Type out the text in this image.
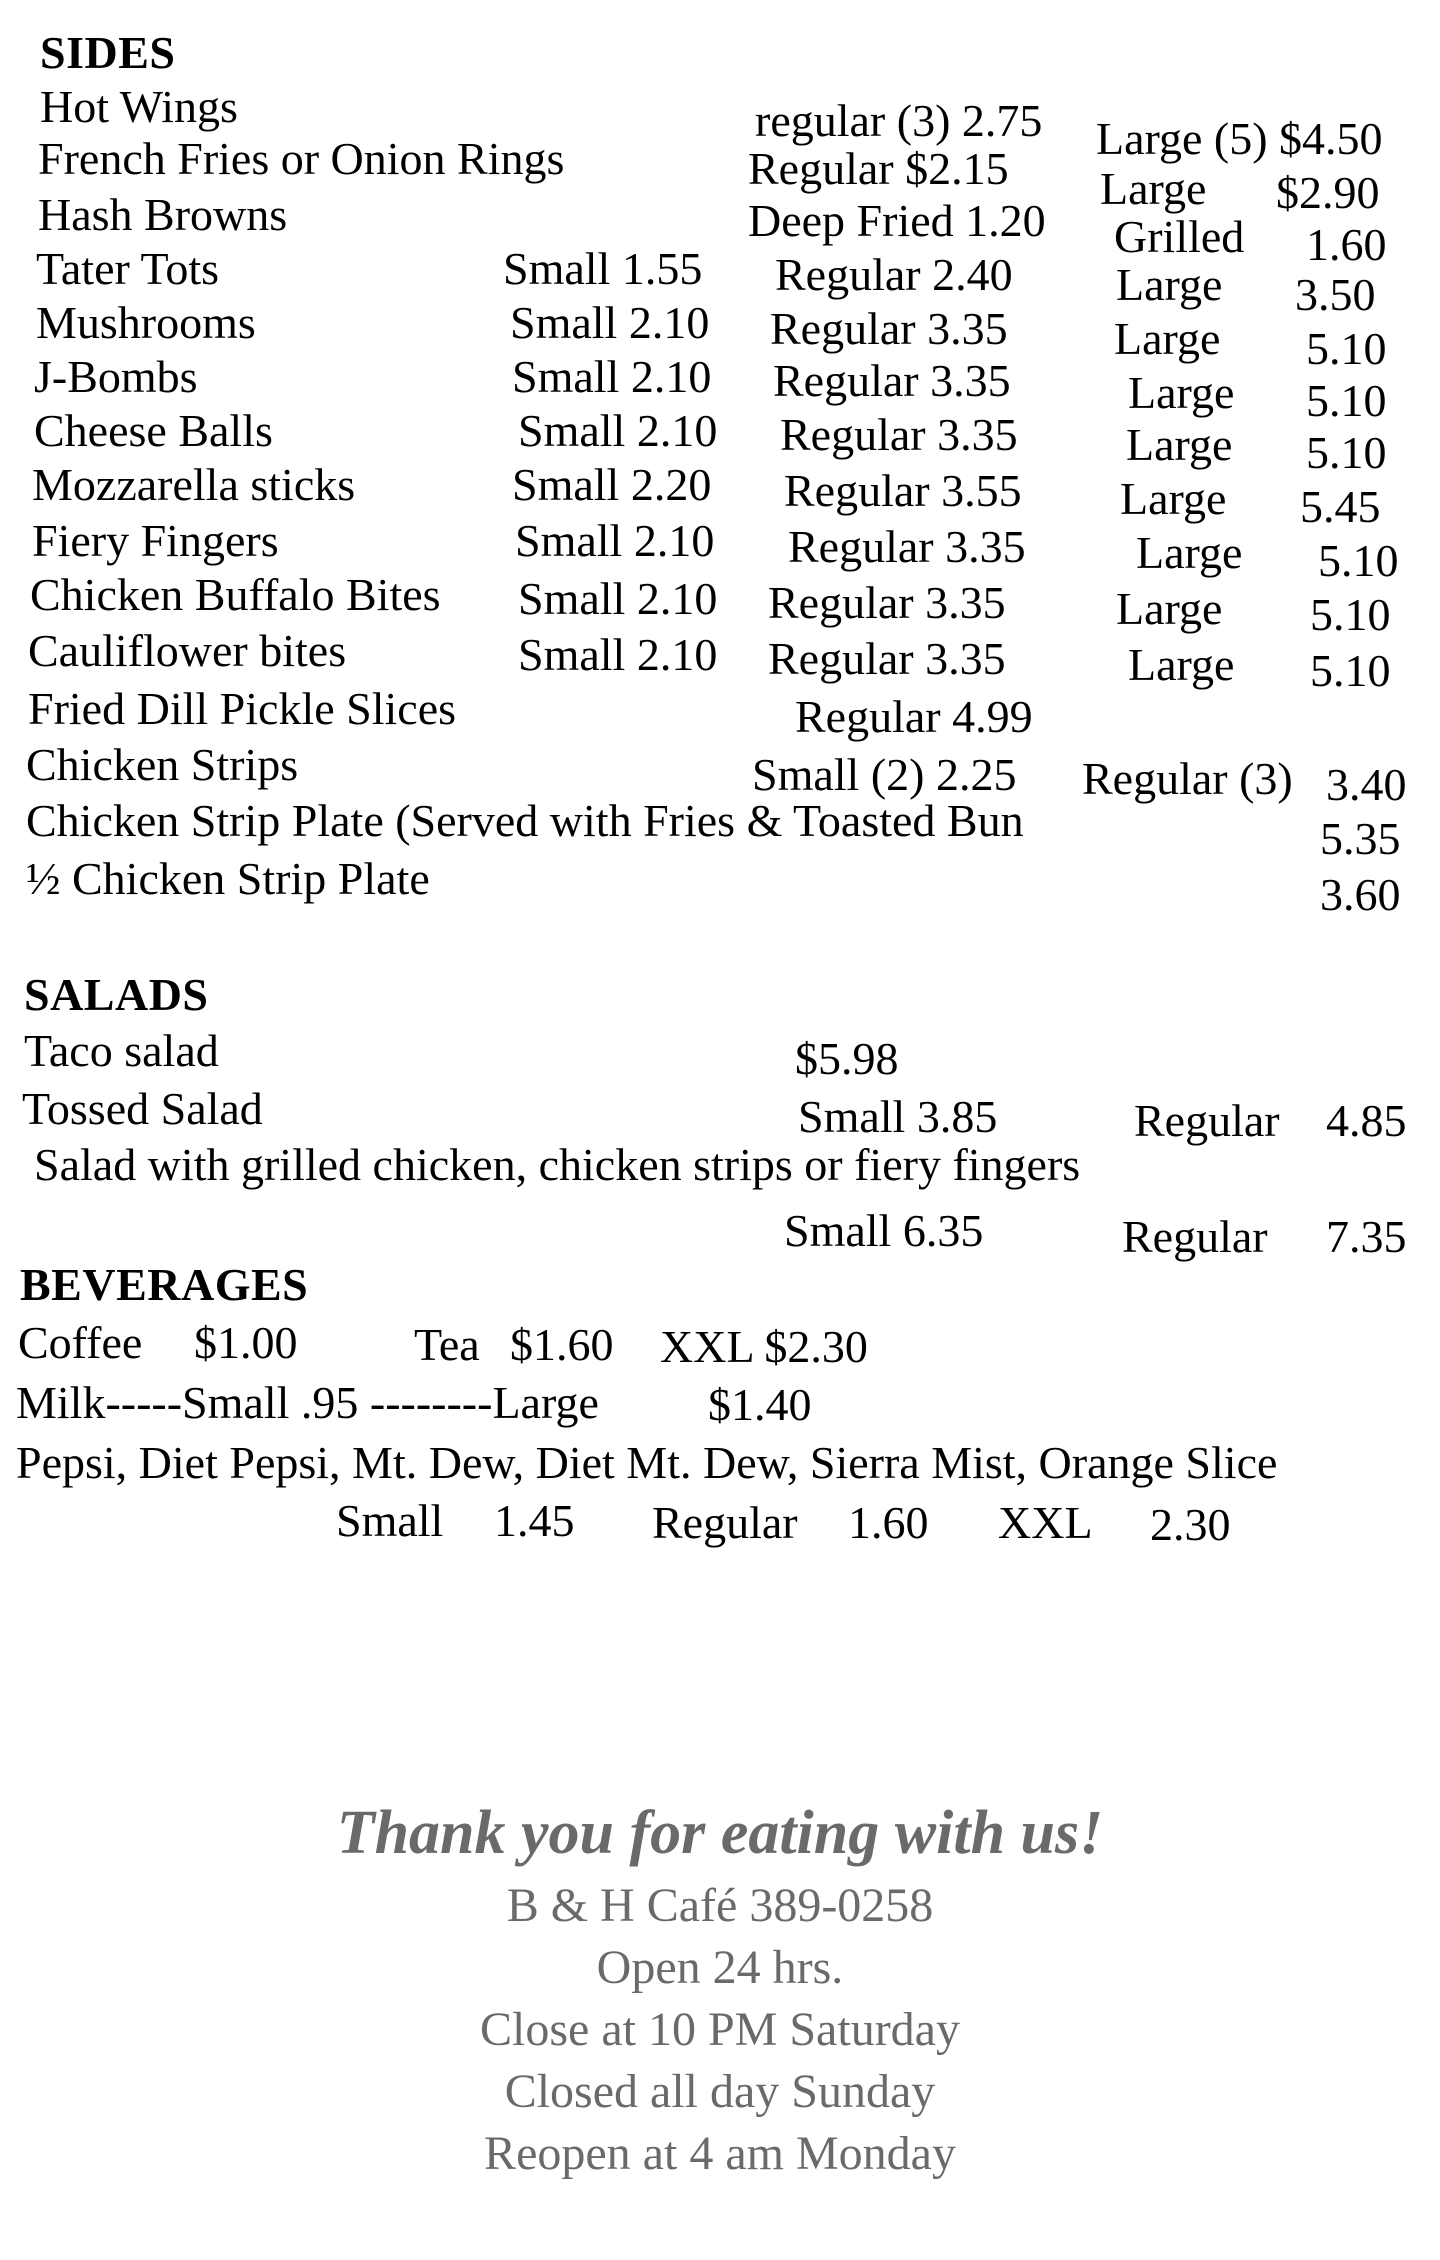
SIDES
Hot Wings	regular (3) 2.75 Large (5) $4.50
French Fries or Onion Rings	Regular $2.15 Large $2.90
Hash Browns	Deep Fried 1.20 Grilled 1.60
Tater Tots	Small 1.55 Regular 2.40 Large 3.50
Mushrooms	Small 2.10 Regular 3.35 Large 5.10
J-Bombs	Small 2.10 Regular 3.35	Large 5.10
Cheese Balls	Small 2.10 Regular 3.35 Large 5.10
Mozzarella sticks	Small 2.20 Regular 3.55 Large 5.45
Fiery Fingers	Small 2.10 Regular 3.35 Large 5.10
Chicken Buffalo Bites Small 2.10 Regular 3.35 Large 5.10
Cauliflower bites	Small 2.10 Regular 3.35	Large 5.10
Fried Dill Pickle Slices	Regular 4.99
Chicken Strips	Small (2) 2.25 Regular (3) 3.40
Chicken Strip Plate (Served with Fries & Toasted Bun	5.35
½ Chicken Strip Plate	3.60
SALADS
Taco salad	$5.98
Tossed Salad	Small 3.85	Regular 4.85
Salad with grilled chicken, chicken strips or fiery fingers
Small 6.35	Regular 7.35
BEVERAGES
Coffee $1.00	Tea $1.60 XXL $2.30
Milk-----Small .95 --------Large $1.40
Pepsi, Diet Pepsi, Mt. Dew, Diet Mt. Dew, Sierra Mist, Orange Slice
Small 1.45 Regular 1.60 XXL 2.30
Thank you for eating with us!
B & H Café 389-0258
Open 24 hrs.
Close at 10 PM Saturday
Closed all day Sunday
Reopen at 4 am Monday
